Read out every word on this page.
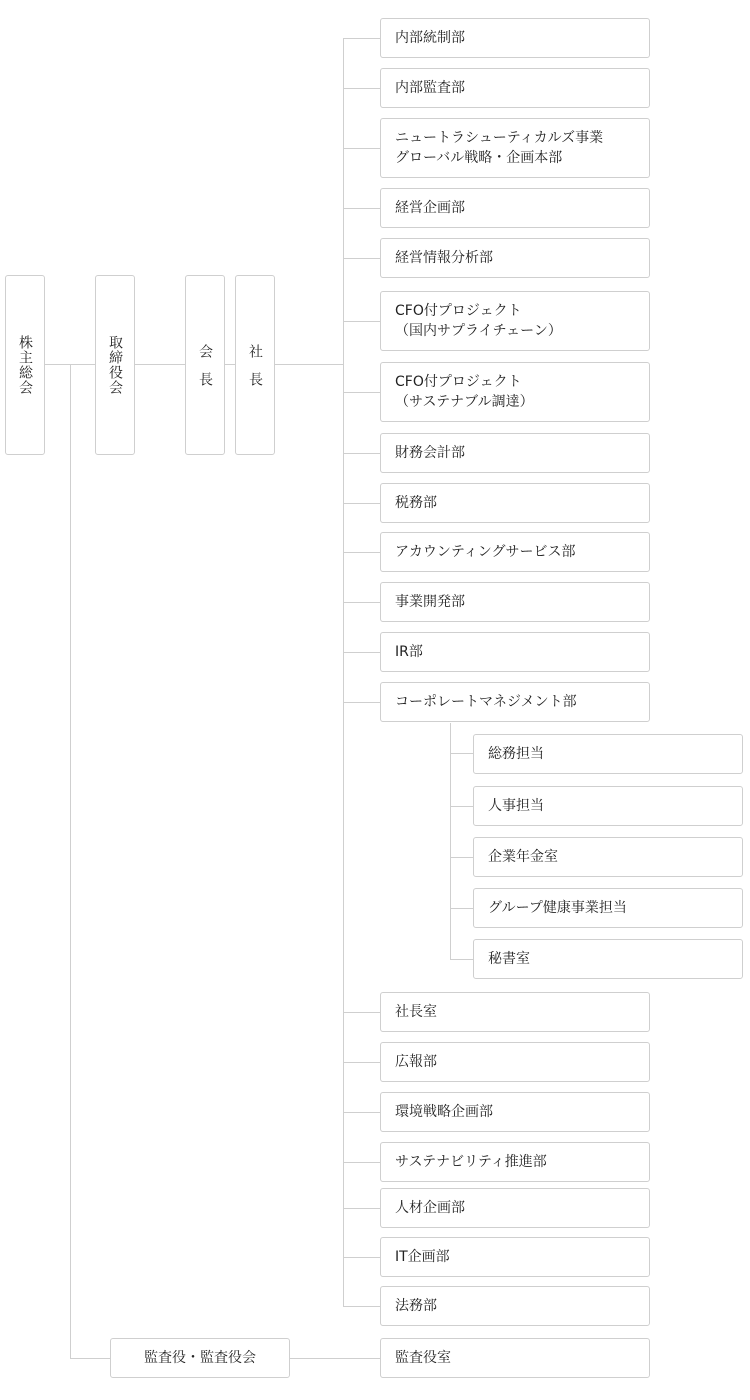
株主総会	取締役会	会長 社長
内部統制部
内部監査部
ニュートラシューティカルズ事業
グローバル戦略・企画本部
経営企画部
経営情報分析部
CFO付プロジェクト
（国内サプライチェーン）
CFO付プロジェクト
（サステナブル調達）
財務会計部
税務部
アカウンティングサービス部
事業開発部
IR部
コーポレートマネジメント部
社長室
広報部
環境戦略企画部
サステナビリティ推進部
人材企画部
IT企画部
法務部
総務担当
人事担当
企業年金室
グループ健康事業担当
秘書室
監査役・監査役会	監査役室
